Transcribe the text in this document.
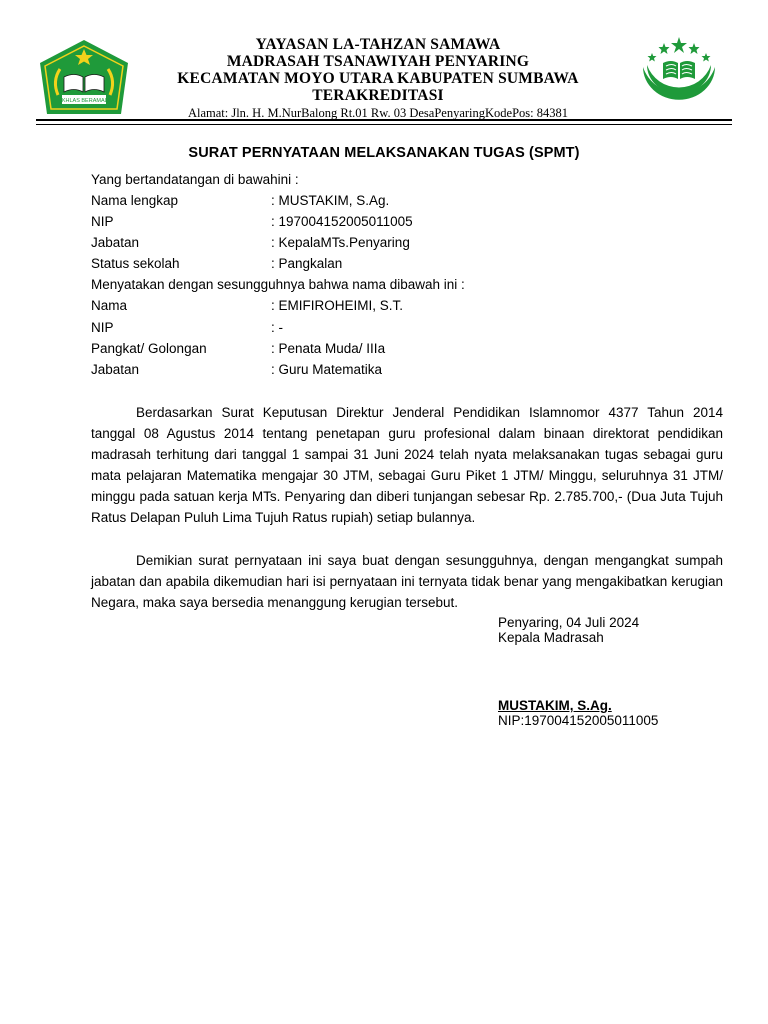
IKHLAS BERAMAL
YAYASAN LA-TAHZAN SAMAWA
MADRASAH TSANAWIYAH PENYARING
KECAMATAN MOYO UTARA KABUPATEN SUMBAWA
TERAKREDITASI
Alamat: Jln. H. M.NurBalong Rt.01 Rw. 03 DesaPenyaringKodePos: 84381
SURAT PERNYATAAN MELAKSANAKAN TUGAS (SPMT)
Yang bertandatangan di bawahini :
Nama lengkap	: MUSTAKIM, S.Ag.
NIP	: 197004152005011005
Jabatan	: KepalaMTs.Penyaring
Status sekolah	: Pangkalan
Menyatakan dengan sesungguhnya bahwa nama dibawah ini :
Nama	: EMIFIROHEIMI, S.T.
NIP	: -
Pangkat/ Golongan	: Penata Muda/ IIIa
Jabatan	: Guru Matematika

Berdasarkan Surat Keputusan Direktur Jenderal Pendidikan Islamnomor 4377 Tahun 2014 tanggal 08 Agustus 2014 tentang penetapan guru profesional dalam binaan direktorat pendidikan madrasah terhitung dari tanggal 1 sampai 31 Juni 2024 telah nyata melaksanakan tugas sebagai guru mata pelajaran Matematika mengajar 30 JTM, sebagai Guru Piket 1 JTM/ Minggu, seluruhnya 31 JTM/ minggu pada satuan kerja MTs. Penyaring dan diberi tunjangan sebesar Rp. 2.785.700,- (Dua Juta Tujuh Ratus Delapan Puluh Lima Tujuh Ratus rupiah) setiap bulannya.

Demikian surat pernyataan ini saya buat dengan sesungguhnya, dengan mengangkat sumpah jabatan dan apabila dikemudian hari isi pernyataan ini ternyata tidak benar yang mengakibatkan kerugian Negara, maka saya bersedia menanggung kerugian tersebut.

Penyaring, 04 Juli 2024
Kepala Madrasah
MUSTAKIM, S.Ag.
NIP:197004152005011005
